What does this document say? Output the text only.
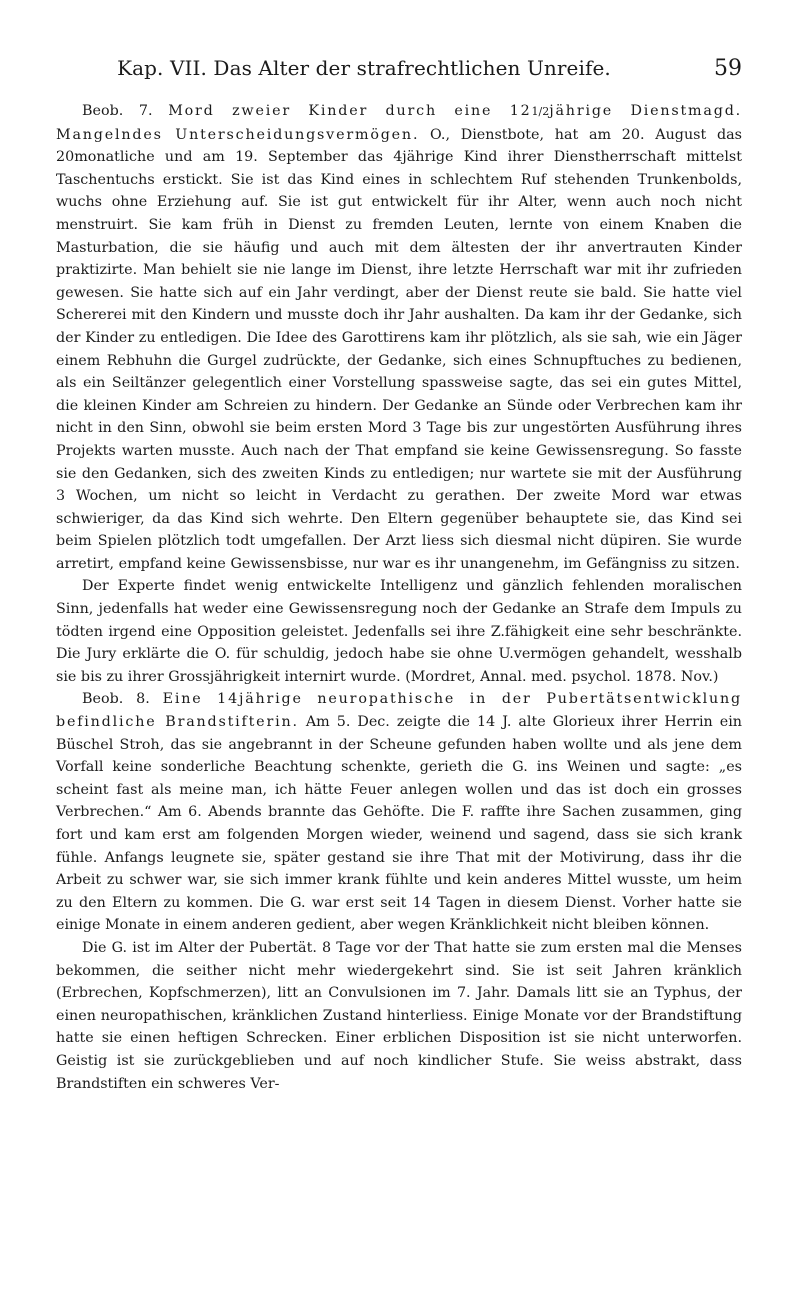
Kap. VII. Das Alter der strafrechtlichen Unreife.	59

Beob. 7. Mord zweier Kinder durch eine 121/2jährige Dienstmagd. Mangelndes Unterscheidungsvermögen. O., Dienstbote, hat am 20. August das 20monatliche und am 19. September das 4jährige Kind ihrer Dienstherrschaft mittelst Taschentuchs erstickt. Sie ist das Kind eines in schlechtem Ruf stehenden Trunkenbolds, wuchs ohne Erziehung auf. Sie ist gut entwickelt für ihr Alter, wenn auch noch nicht menstruirt. Sie kam früh in Dienst zu fremden Leuten, lernte von einem Knaben die Masturbation, die sie häufig und auch mit dem ältesten der ihr anvertrauten Kinder praktizirte. Man behielt sie nie lange im Dienst, ihre letzte Herrschaft war mit ihr zufrieden gewesen. Sie hatte sich auf ein Jahr verdingt, aber der Dienst reute sie bald. Sie hatte viel Schererei mit den Kindern und musste doch ihr Jahr aushalten. Da kam ihr der Gedanke, sich der Kinder zu entledigen. Die Idee des Garottirens kam ihr plötzlich, als sie sah, wie ein Jäger einem Rebhuhn die Gurgel zudrückte, der Gedanke, sich eines Schnupftuches zu bedienen, als ein Seiltänzer gelegentlich einer Vorstellung spassweise sagte, das sei ein gutes Mittel, die kleinen Kinder am Schreien zu hindern. Der Gedanke an Sünde oder Verbrechen kam ihr nicht in den Sinn, obwohl sie beim ersten Mord 3 Tage bis zur ungestörten Ausführung ihres Projekts warten musste. Auch nach der That empfand sie keine Gewissensregung. So fasste sie den Gedanken, sich des zweiten Kinds zu entledigen; nur wartete sie mit der Ausführung 3 Wochen, um nicht so leicht in Verdacht zu gerathen. Der zweite Mord war etwas schwieriger, da das Kind sich wehrte. Den Eltern gegenüber behauptete sie, das Kind sei beim Spielen plötzlich todt umgefallen. Der Arzt liess sich diesmal nicht düpiren. Sie wurde arretirt, empfand keine Gewissensbisse, nur war es ihr unangenehm, im Gefängniss zu sitzen.

Der Experte findet wenig entwickelte Intelligenz und gänzlich fehlenden moralischen Sinn, jedenfalls hat weder eine Gewissensregung noch der Gedanke an Strafe dem Impuls zu tödten irgend eine Opposition geleistet. Jedenfalls sei ihre Z.fähigkeit eine sehr beschränkte. Die Jury erklärte die O. für schuldig, jedoch habe sie ohne U.vermögen gehandelt, wesshalb sie bis zu ihrer Grossjährigkeit internirt wurde. (Mordret, Annal. med. psychol. 1878. Nov.)

Beob. 8. Eine 14jährige neuropathische in der Pubertätsentwicklung befindliche Brandstifterin. Am 5. Dec. zeigte die 14 J. alte Glorieux ihrer Herrin ein Büschel Stroh, das sie angebrannt in der Scheune gefunden haben wollte und als jene dem Vorfall keine sonderliche Beachtung schenkte, gerieth die G. ins Weinen und sagte: „es scheint fast als meine man, ich hätte Feuer anlegen wollen und das ist doch ein grosses Verbrechen.“ Am 6. Abends brannte das Gehöfte. Die F. raffte ihre Sachen zusammen, ging fort und kam erst am folgenden Morgen wieder, weinend und sagend, dass sie sich krank fühle. Anfangs leugnete sie, später gestand sie ihre That mit der Motivirung, dass ihr die Arbeit zu schwer war, sie sich immer krank fühlte und kein anderes Mittel wusste, um heim zu den Eltern zu kommen. Die G. war erst seit 14 Tagen in diesem Dienst. Vorher hatte sie einige Monate in einem anderen gedient, aber wegen Kränklichkeit nicht bleiben können.

Die G. ist im Alter der Pubertät. 8 Tage vor der That hatte sie zum ersten mal die Menses bekommen, die seither nicht mehr wiedergekehrt sind. Sie ist seit Jahren kränklich (Erbrechen, Kopfschmerzen), litt an Convulsionen im 7. Jahr. Damals litt sie an Typhus, der einen neuropathischen, kränklichen Zustand hinterliess. Einige Monate vor der Brandstiftung hatte sie einen heftigen Schrecken. Einer erblichen Disposition ist sie nicht unterworfen. Geistig ist sie zurückgeblieben und auf noch kindlicher Stufe. Sie weiss abstrakt, dass Brandstiften ein schweres Ver-
